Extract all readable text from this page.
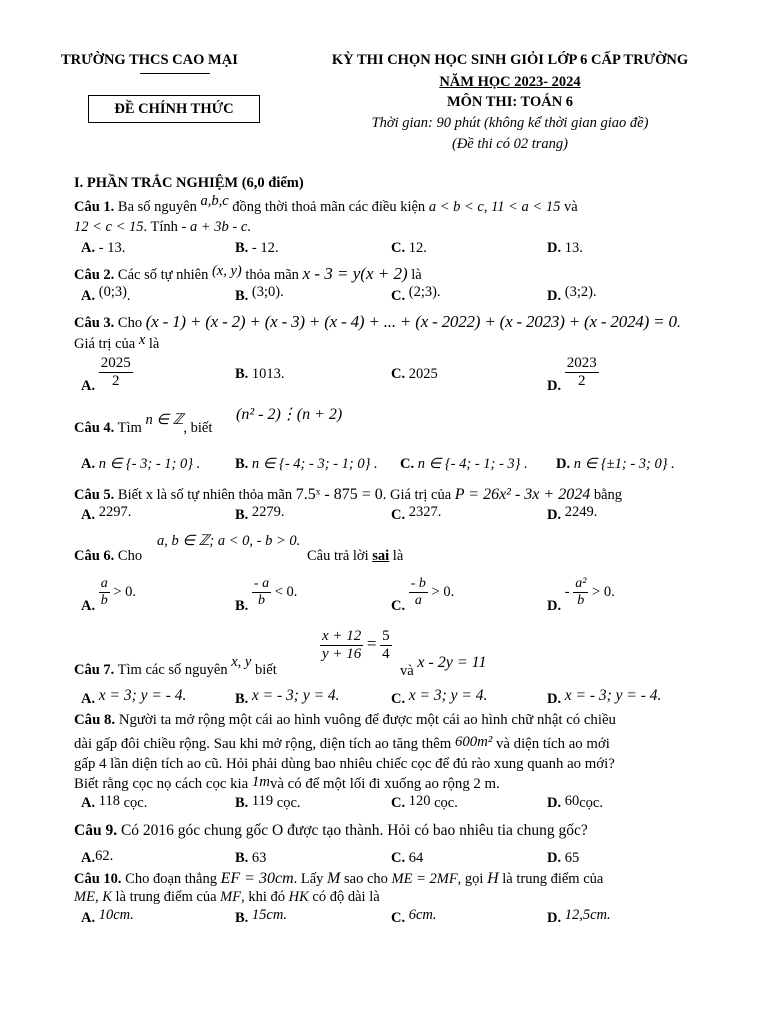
TRƯỜNG THCS CAO MẠI
ĐỀ CHÍNH THỨC
KỲ THI CHỌN HỌC SINH GIỎI LỚP 6 CẤP TRƯỜNG
NĂM HỌC 2023- 2024
MÔN THI: TOÁN 6
Thời gian: 90 phút (không kể thời gian giao đề)
(Đề thi có 02 trang)
I. PHẦN TRẮC NGHIỆM (6,0 điểm)
Câu 1. Ba số nguyên a,b,c đồng thời thoả mãn các điều kiện a < b < c, 11 < a < 15 và
12 < c < 15. Tính - a + 3b - c.
A. - 13.	B. - 12.	C. 12.	D. 13.
Câu 2. Các số tự nhiên (x, y) thỏa mãn x - 3 = y(x + 2) là
A. (0;3).	B. (3;0).	C. (2;3).	D. (3;2).
Câu 3. Cho (x - 1) + (x - 2) + (x - 3) + (x - 4) + ... + (x - 2022) + (x - 2023) + (x - 2024) = 0.
Giá trị của x là
A. $\frac{2025}{2}$	B. 1013.	C. 2025
D. $\frac{2023}{2}$
(n² - 2)⋮(n + 2)
Câu 4. Tìm n ∈ ℤ, biết
A. n ∈ {- 3; - 1; 0} . B. n ∈ {- 4; - 3; - 1; 0} . C. n ∈ {- 4; - 1; - 3} . D. n ∈ {±1; - 3; 0} .
Câu 5. Biết x là số tự nhiên thỏa mãn 7.5ˣ - 875 = 0. Giá trị của P = 26x² - 3x + 2024 bằng
A. 2297.	B. 2279.	C. 2327.	D. 2249.
a, b ∈ ℤ; a < 0, - b > 0.
Câu 6. Cho	Câu trả lời sai là
A. $\frac{a}{b} > 0$.
B. $\frac{- a}{b} < 0$.
C. $\frac{- b}{a} > 0$.
D. - $\frac{\text{a²}}{b} > 0$.
$\frac{x + 12}{y + 16} = \frac{5}{4}$
Câu 7. Tìm các số nguyên x, y biết	và x - 2y = 11
A. x = 3; y = - 4.	B. x = - 3; y = 4.	C. x = 3; y = 4.	D. x = - 3; y = - 4.
Câu 8. Người ta mở rộng một cái ao hình vuông để được một cái ao hình chữ nhật có chiều
dài gấp đôi chiều rộng. Sau khi mở rộng, diện tích ao tăng thêm 600m² và diện tích ao mới
gấp 4 lần diện tích ao cũ. Hỏi phải dùng bao nhiêu chiếc cọc để đủ rào xung quanh ao mới?
Biết rằng cọc nọ cách cọc kia 1mvà có để một lối đi xuống ao rộng 2 m.
A. 118 cọc.	B. 119 cọc.	C. 120 cọc.	D. 60cọc.
Câu 9. Có 2016 góc chung gốc O được tạo thành. Hỏi có bao nhiêu tia chung gốc?
A.62.	B. 63	C. 64	D. 65
Câu 10. Cho đoạn thẳng EF = 30cm. Lấy M sao cho ME = 2MF, gọi H là trung điểm của
ME, K là trung điểm của MF, khi đó HK có độ dài là
A. 10cm.	B. 15cm.	C. 6cm.	D. 12,5cm.
